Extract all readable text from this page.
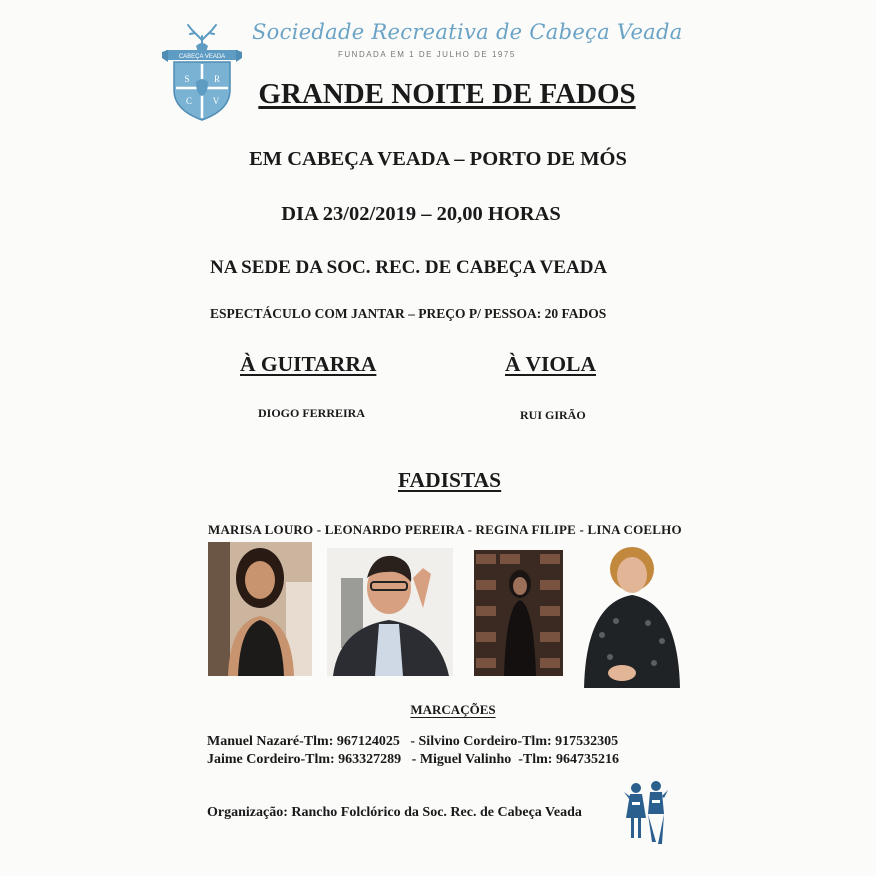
CABEÇA VEADA
S	R
C V
Sociedade Recreativa de Cabeça Veada
FUNDADA EM 1 DE JULHO DE 1975
GRANDE NOITE DE FADOS
EM CABEÇA VEADA – PORTO DE MÓS
DIA 23/02/2019 – 20,00 HORAS
NA SEDE DA SOC. REC. DE CABEÇA VEADA
ESPECTÁCULO COM JANTAR – PREÇO P/ PESSOA: 20 FADOS
À GUITARRA	À VIOLA
DIOGO FERREIRA	RUI GIRÃO
FADISTAS
MARISA LOURO - LEONARDO PEREIRA - REGINA FILIPE - LINA COELHO
MARCAÇÕES
Manuel Nazaré-Tlm: 967124025   - Silvino Cordeiro-Tlm: 917532305
Jaime Cordeiro-Tlm: 963327289   - Miguel Valinho  -Tlm: 964735216
Organização: Rancho Folclórico da Soc. Rec. de Cabeça Veada
